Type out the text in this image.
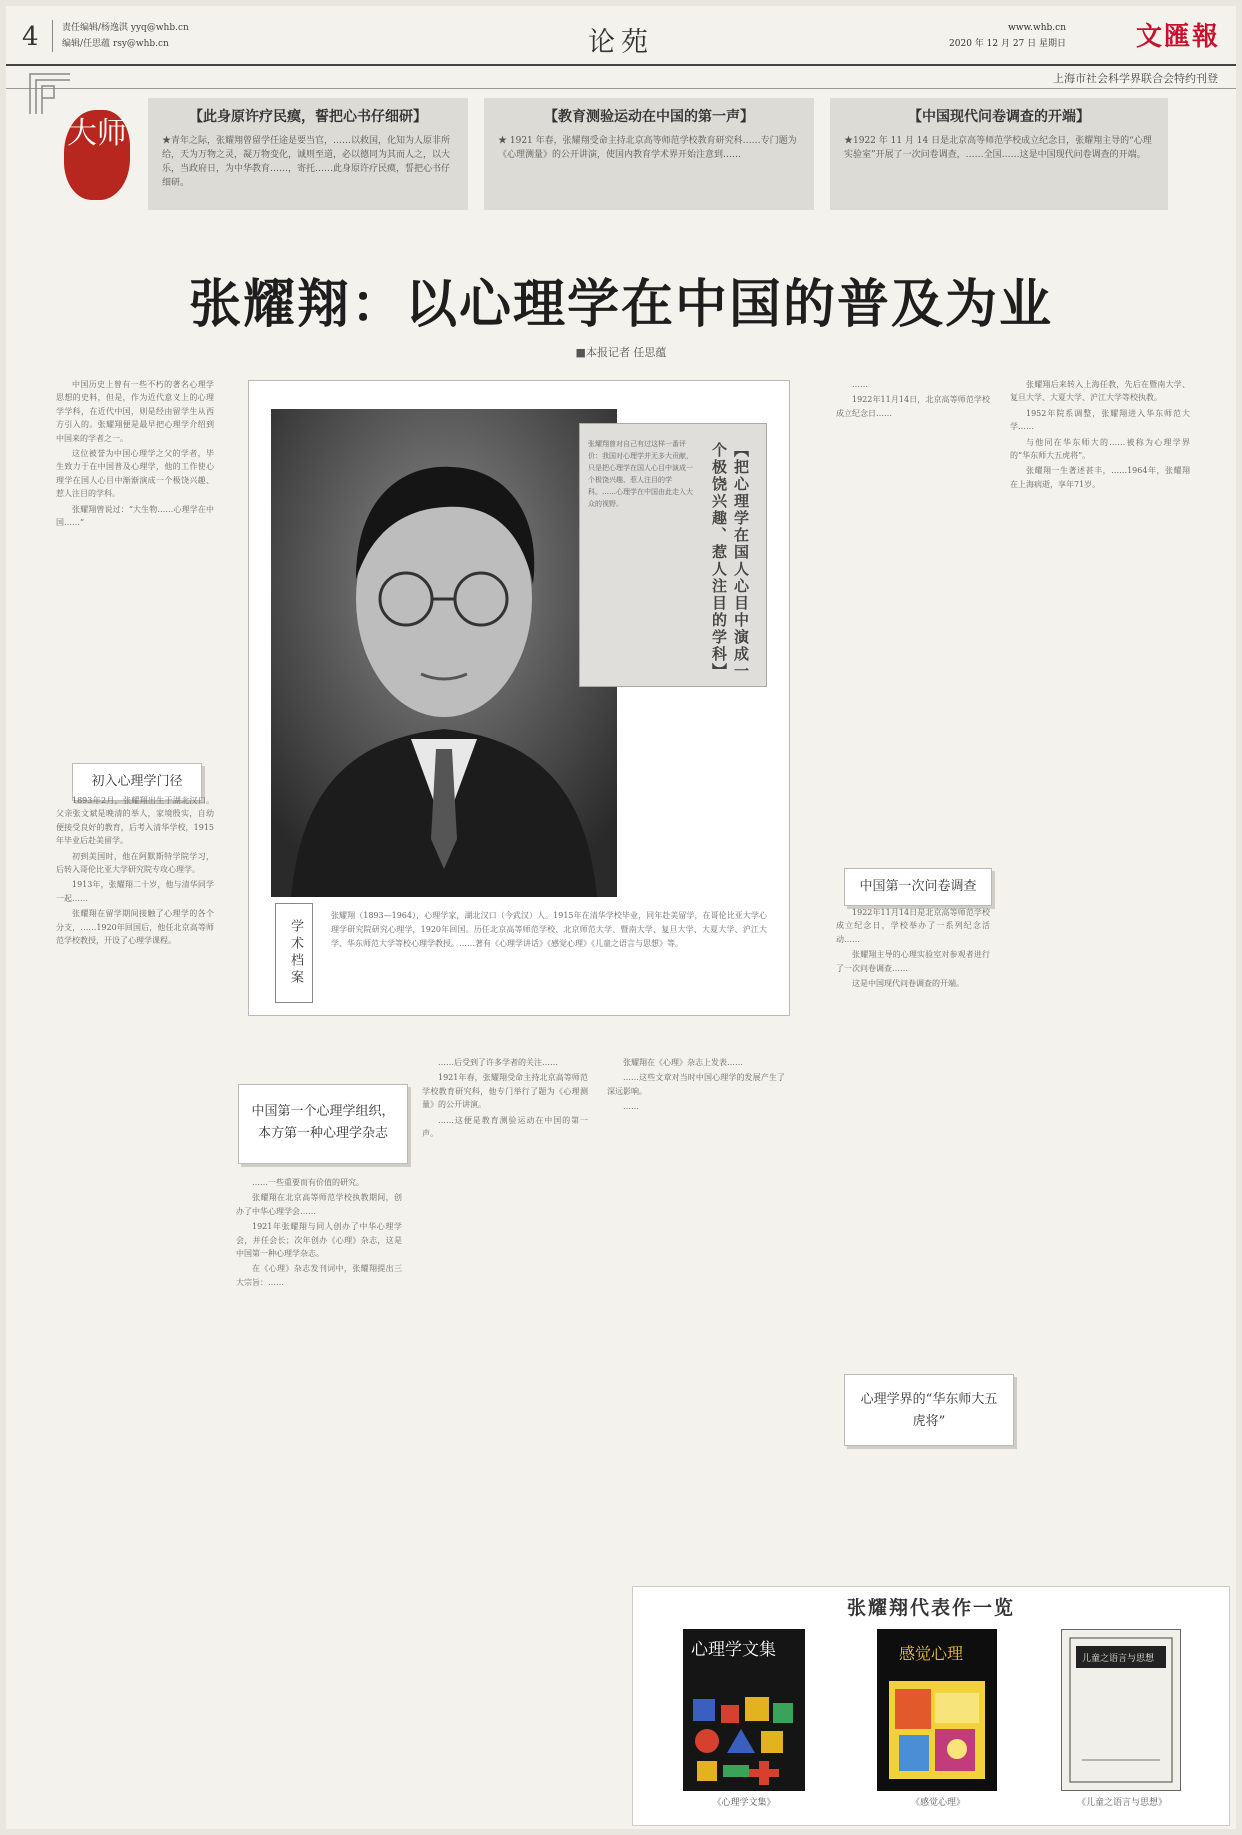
4	责任编辑/杨逸淇 yyq@whb.cn
编辑/任思蕴 rsy@whb.cn	论苑	www.whb.cn
2020 年 12 月 27 日 星期日	文匯報
上海市社会科学界联合会特约刊登
大师	【此身原许疗民瘼，誓把心书仔细研】
★青年之际，张耀翔曾留学任途是要当官，……以救国，化知为人原非所给，天为万物之灵，凝万物变化，诚则至道，必以德同为其而人之，以大乐，当政府日，为中华教育……，寄托……此身原许疗民瘼，誓把心书仔细研。
【教育测验运动在中国的第一声】
★ 1921 年春，张耀翔受命主持北京高等师范学校教育研究科……专门题为《心理测量》的公开讲演，使国内教育学术界开始注意到……
【中国现代问卷调查的开端】
★1922 年 11 月 14 日是北京高等师范学校成立纪念日，张耀翔主导的“心理实验室”开展了一次问卷调查，……全国……这是中国现代问卷调查的开端。
张耀翔：以心理学在中国的普及为业
■本报记者 任思蕴

中国历史上曾有一些不朽的著名心理学思想的史料，但是，作为近代意义上的心理学学科，在近代中国，则是经由留学生从西方引入的。张耀翔便是最早把心理学介绍到中国来的学者之一。

这位被誉为中国心理学之父的学者，毕生致力于在中国普及心理学，他的工作使心理学在国人心目中渐渐演成一个极饶兴趣、惹人注目的学科。

张耀翔曾说过：“大生物……心理学在中国……”

初入心理学门径

1893年2月，张耀翔出生于湖北汉口。父亲张文斌是晚清的举人，家境殷实，自幼便接受良好的教育，后考入清华学校，1915年毕业后赴美留学。

初到美国时，他在阿默斯特学院学习，后转入哥伦比亚大学研究院专攻心理学。

1913年，张耀翔二十岁，他与清华同学一起……

张耀翔在留学期间接触了心理学的各个分支，……1920年回国后，他任北京高等师范学校教授，开设了心理学课程。

张耀翔曾对自己有过这样一番评价：我国对心理学并无多大贡献，只是把心理学在国人心目中演成一个极饶兴趣、惹人注目的学科。……心理学在中国由此走入大众的视野。	【把心理学在国人心目中演成一个极饶兴趣、惹人注目的学科】
学术档案
张耀翔（1893—1964），心理学家，湖北汉口（今武汉）人。1915年在清华学校毕业，同年赴美留学，在哥伦比亚大学心理学研究院研究心理学，1920年回国。历任北京高等师范学校、北京师范大学、暨南大学、复旦大学、大夏大学、沪江大学、华东师范大学等校心理学教授。……著有《心理学讲话》《感觉心理》《儿童之语言与思想》等。
中国第一个心理学组织，本方第一种心理学杂志

……一些重要而有价值的研究。

张耀翔在北京高等师范学校执教期间，创办了中华心理学会……

1921年张耀翔与同人创办了中华心理学会，并任会长；次年创办《心理》杂志，这是中国第一种心理学杂志。

在《心理》杂志发刊词中，张耀翔提出三大宗旨：……

……后受到了许多学者的关注……

1921年春，张耀翔受命主持北京高等师范学校教育研究科，他专门举行了题为《心理测量》的公开讲演。

……这便是教育测验运动在中国的第一声。

张耀翔在《心理》杂志上发表……

……这些文章对当时中国心理学的发展产生了深远影响。

……

……

1922年11月14日，北京高等师范学校成立纪念日……

中国第一次问卷调查

1922年11月14日是北京高等师范学校成立纪念日，学校举办了一系列纪念活动……

张耀翔主导的心理实验室对参观者进行了一次问卷调查……

这是中国现代问卷调查的开端。

心理学界的“华东师大五虎将”

张耀翔后来转入上海任教，先后在暨南大学、复旦大学、大夏大学、沪江大学等校执教。

1952年院系调整，张耀翔进入华东师范大学……

与他同在华东师大的……被称为心理学界的“华东师大五虎将”。

张耀翔一生著述甚丰，……1964年，张耀翔在上海病逝，享年71岁。

张耀翔代表作一览
心理学文集
《心理学文集》
感觉心理
《感觉心理》
儿童之语言与思想
《儿童之语言与思想》
